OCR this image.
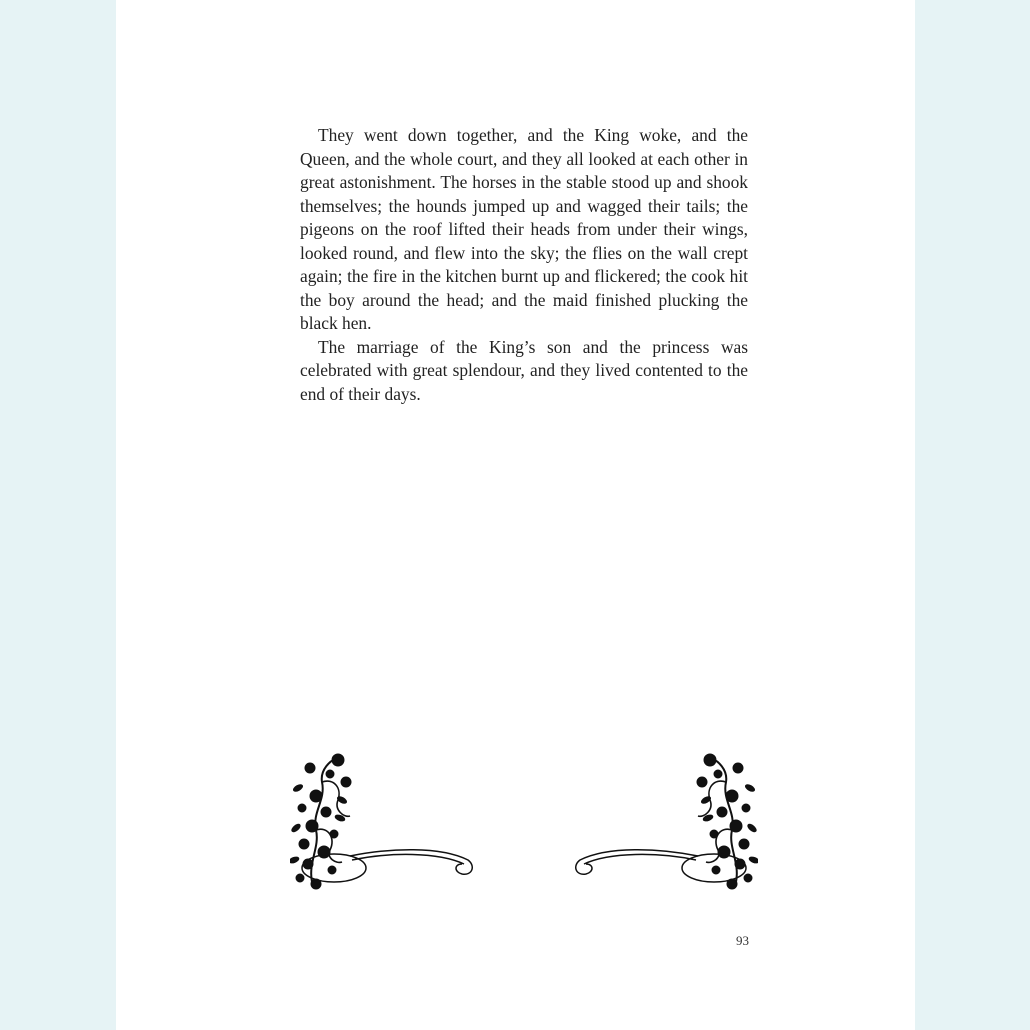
They went down together, and the King woke, and the Queen, and the whole court, and they all looked at each other in great astonishment. The horses in the stable stood up and shook themselves; the hounds jumped up and wagged their tails; the pigeons on the roof lifted their heads from under their wings, looked round, and flew into the sky; the flies on the wall crept again; the fire in the kitchen burnt up and flickered; the cook hit the boy around the head; and the maid finished plucking the black hen.

The marriage of the King’s son and the princess was celebrated with great splendour, and they lived contented to the end of their days.

93
